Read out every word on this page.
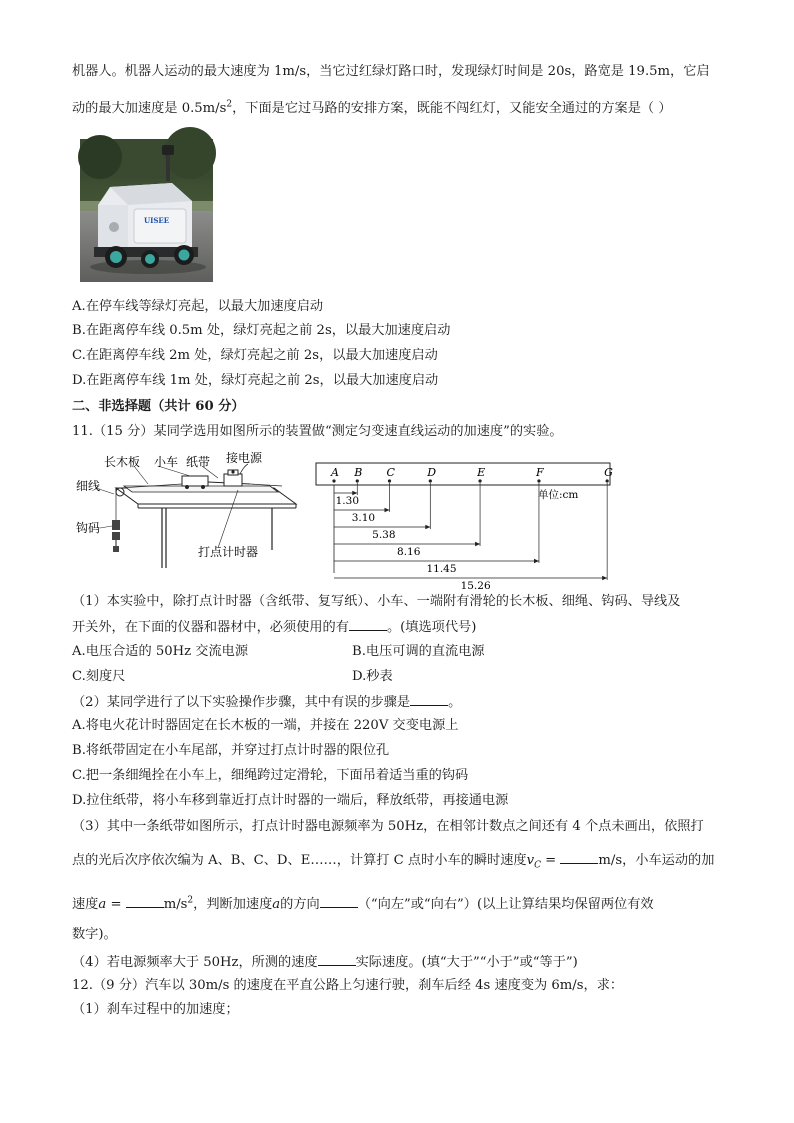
机器人。机器人运动的最大速度为 1m/s，当它过红绿灯路口时，发现绿灯时间是 20s，路宽是 19.5m，它启
动的最大加速度是 $0.5m/s^2$，下面是它过马路的安排方案，既能不闯红灯，又能安全通过的方案是（ ）
UISEE
A.在停车线等绿灯亮起，以最大加速度启动
B.在距离停车线 0.5m 处，绿灯亮起之前 2s，以最大加速度启动
C.在距离停车线 2m 处，绿灯亮起之前 2s，以最大加速度启动
D.在距离停车线 1m 处，绿灯亮起之前 2s，以最大加速度启动
二、非选择题（共计 60 分）
11.（15 分）某同学选用如图所示的装置做“测定匀变速直线运动的加速度”的实验。
长木板 小车 纸带 接电源
细线
钩码
打点计时器
A B C	D	E	F	G
1.30
3.10
5.38
8.16
11.45
15.26
单位:cm
（1）本实验中，除打点计时器（含纸带、复写纸）、小车、一端附有滑轮的长木板、细绳、钩码、导线及
开关外，在下面的仪器和器材中，必须使用的有	。(填选项代号)
A.电压合适的 50Hz 交流电源	B.电压可调的直流电源
C.刻度尺	D.秒表
（2）某同学进行了以下实验操作步骤，其中有误的步骤是	。
A.将电火花计时器固定在长木板的一端，并接在 220V 交变电源上
B.将纸带固定在小车尾部，并穿过打点计时器的限位孔
C.把一条细绳拴在小车上，细绳跨过定滑轮，下面吊着适当重的钩码
D.拉住纸带，将小车移到靠近打点计时器的一端后，释放纸带，再接通电源
（3）其中一条纸带如图所示，打点计时器电源频率为 50Hz，在相邻计数点之间还有 4 个点未画出，依照打
点的光后次序依次编为 A、B、C、D、E……，计算打 C 点时小车的瞬时速度$v_C$ =	m/s，小车运动的加
速度a =	$m/s^2$，判断加速度a的方向	（“向左”或“向右”）(以上让算结果均保留两位有效
数字)。
（4）若电源频率大于 50Hz，所测的速度	实际速度。(填“大于”“小于”或“等于”)
12.（9 分）汽车以 30m/s 的速度在平直公路上匀速行驶，刹车后经 4s 速度变为 6m/s，求：
（1）刹车过程中的加速度；
